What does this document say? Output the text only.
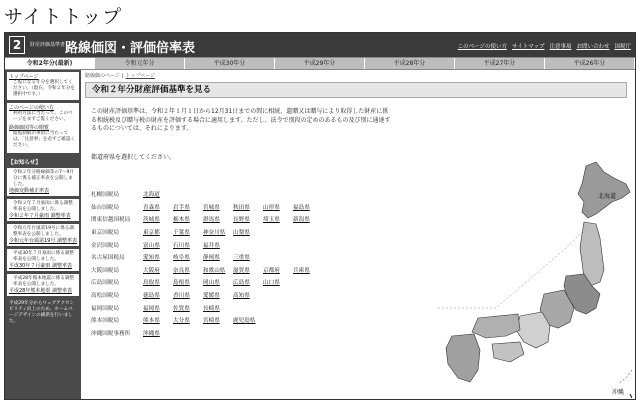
サイトトップ
2	財産評価基準書 路線価図・評価倍率表	このページの使い方 サイトマップ 注意事項 お問い合わせ 国税庁
令和2年分(最新)	令和元年分	平成30年分	平成29年分	平成28年分	平成27年分	平成26年分
トップページ
ご覧になる年分を選択してください。（現在、令和２年分を選択中です。）
このページの使い方
利用方法に当たって、このページをまずご覧ください。
路線価図等の閲覧
閲覧制限の事由に当たっては、「注意事」を必ずご確認ください。
【お知らせ】
令和２年分路線価等の7～9月分に係る補正率表を公開しました。
地価変動補正率表
令和２年７月豪雨に係る調整率表を公開しました。
令和２年７月豪雨 調整率表
令和元年台風第19号に係る調整率表を公開しました。
令和元年台風第19号 調整率表
平成30年７月豪雨に係る調整率表を公開しました。
平成30年７月豪雨 調整率表
平成28年熊本地震に係る調整率表を公開しました。
平成28年熊本地震 調整率表
平成29年分からウェブアクセシビリティ向上のため、ホームページデザインの刷新を行いました。
路線価のページ | トップページ
令和２年分財産評価基準を見る
この財産評価基準は、令和２年１月１日から12月31日までの間に相続、遺贈又は贈与により取得した財産に係る相続税及び贈与税の財産を評価する場合に適用します。ただし、法令で別段の定めのあるもの及び別に通達するものについては、それによります。
都道府県を選択してください。
札幌国税局	北海道
仙台国税局	青森県	岩手県	宮城県	秋田県	山形県	福島県
関東信越国税局	茨城県	栃木県	群馬県	長野県	埼玉県	新潟県
東京国税局	東京都	千葉県	神奈川県	山梨県
金沢国税局	富山県	石川県	福井県
名古屋国税局	愛知県	岐阜県	静岡県	三重県
大阪国税局	大阪府	奈良県	和歌山県	滋賀県	京都府	兵庫県
広島国税局	鳥取県	島根県	岡山県	広島県	山口県
高松国税局	徳島県	香川県	愛媛県	高知県
福岡国税局	福岡県	佐賀県	長崎県
熊本国税局	熊本県	大分県	宮崎県	鹿児島県
沖縄国税事務所	沖縄県
北海道
沖縄
